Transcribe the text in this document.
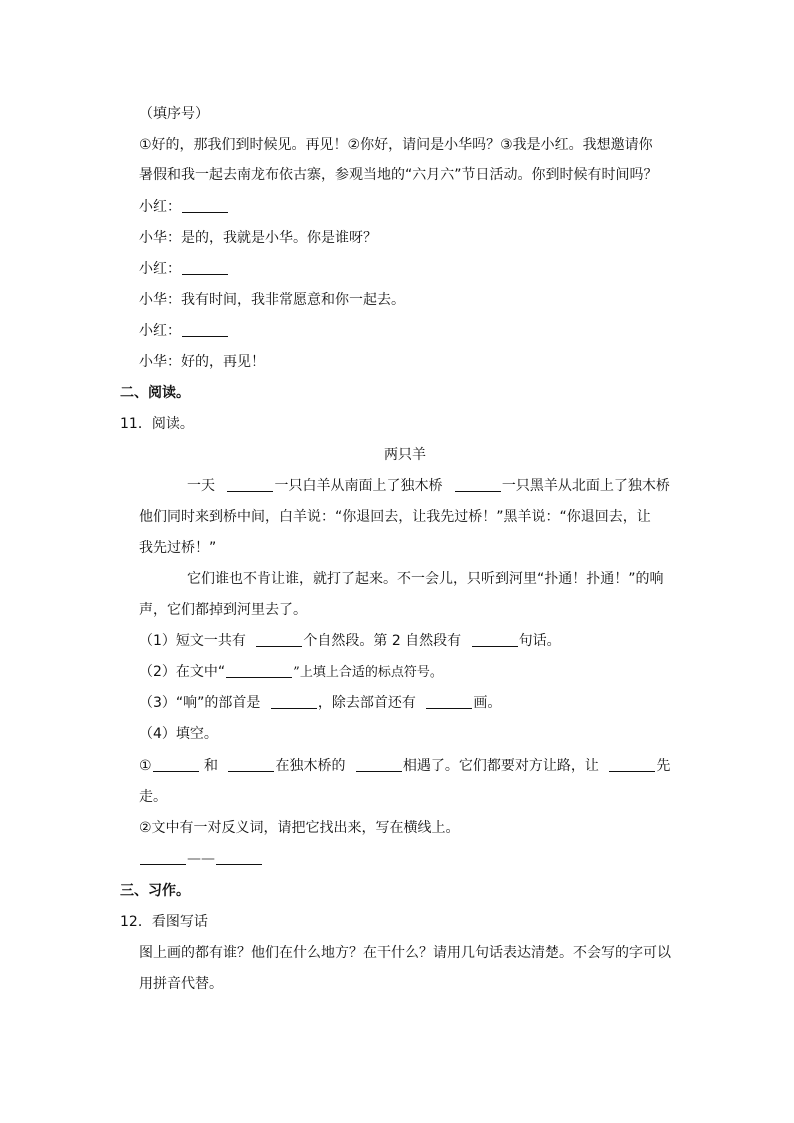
（填序号）
①好的，那我们到时候见。再见！②你好，请问是小华吗？③我是小红。我想邀请你
暑假和我一起去南龙布依古寨，参观当地的“六月六”节日活动。你到时候有时间吗？
小红：
小华：是的，我就是小华。你是谁呀？
小红：
小华：我有时间，我非常愿意和你一起去。
小红：
小华：好的，再见！
二、阅读。
11．阅读。
两只羊
一天	一只白羊从南面上了独木桥	一只黑羊从北面上了独木桥
他们同时来到桥中间，白羊说：“你退回去，让我先过桥！”黑羊说：“你退回去，让
我先过桥！”
它们谁也不肯让谁，就打了起来。不一会儿，只听到河里“扑通！扑通！”的响
声，它们都掉到河里去了。
（1）短文一共有	个自然段。第 2 自然段有	句话。
（2）在文中“	”上填上合适的标点符号。
（3）“响”的部首是	，除去部首还有	画。
（4）填空。
①	和	在独木桥的	相遇了。它们都要对方让路，让	先
走。
②文中有一对反义词，请把它找出来，写在横线上。
——
三、习作。
12．看图写话
图上画的都有谁？他们在什么地方？在干什么？请用几句话表达清楚。不会写的字可以
用拼音代替。
